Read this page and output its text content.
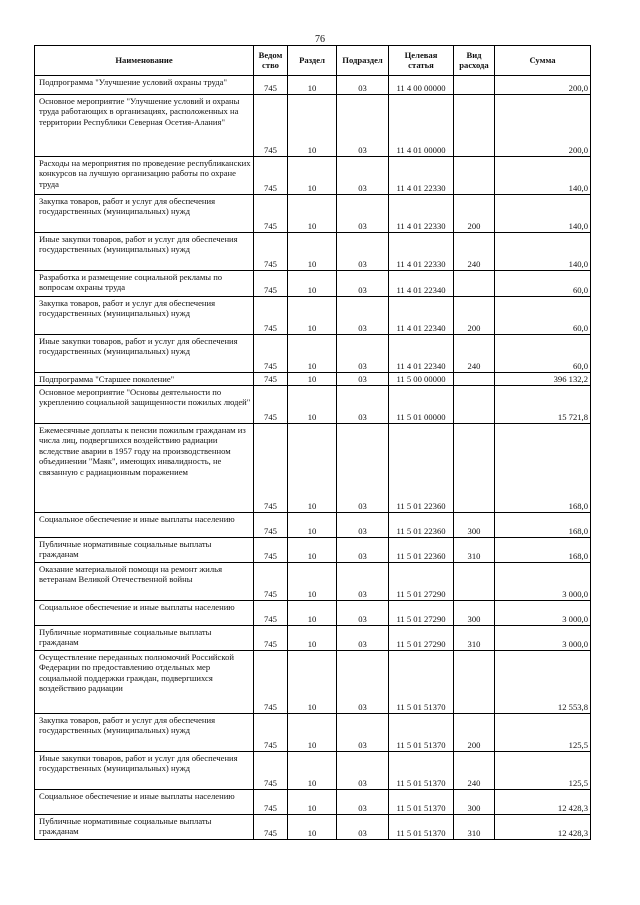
76
Наименование	Ведом ство	Раздел	Подраздел	Целевая статья	Вид расхода	Сумма
Подпрограмма "Улучшение условий охраны труда"	745	10	03	11 4 00 00000		200,0
Основное мероприятие "Улучшение условий и охраны труда работающих в организациях, расположенных на территории Республики Северная Осетия-Алания"	745	10	03	11 4 01 00000		200,0
Расходы на мероприятия по проведение республиканских конкурсов на лучшую организацию работы по охране труда	745	10	03	11 4 01 22330		140,0
Закупка товаров, работ и услуг для обеспечения государственных (муниципальных) нужд	745	10	03	11 4 01 22330	200	140,0
Иные закупки товаров, работ и услуг для обеспечения государственных (муниципальных) нужд	745	10	03	11 4 01 22330	240	140,0
Разработка и размещение социальной рекламы по вопросам охраны труда	745	10	03	11 4 01 22340		60,0
Закупка товаров, работ и услуг для обеспечения государственных (муниципальных) нужд	745	10	03	11 4 01 22340	200	60,0
Иные закупки товаров, работ и услуг для обеспечения государственных (муниципальных) нужд	745	10	03	11 4 01 22340	240	60,0
Подпрограмма "Старшее поколение"	745	10	03	11 5 00 00000		396 132,2
Основное мероприятие "Основы деятельности по укреплению социальной защищенности пожилых людей"	745	10	03	11 5 01 00000		15 721,8
Ежемесячные доплаты к пенсии пожилым гражданам из числа лиц, подвергшихся воздействию радиации вследствие аварии в 1957 году на производственном объединении "Маяк", имеющих инвалидность, не связанную с радиационным поражением	745	10	03	11 5 01 22360		168,0
Социальное обеспечение и иные выплаты населению	745	10	03	11 5 01 22360	300	168,0
Публичные нормативные социальные выплаты гражданам	745	10	03	11 5 01 22360	310	168,0
Оказание материальной помощи на ремонт жилья ветеранам Великой Отечественной войны	745	10	03	11 5 01 27290		3 000,0
Социальное обеспечение и иные выплаты населению	745	10	03	11 5 01 27290	300	3 000,0
Публичные нормативные социальные выплаты гражданам	745	10	03	11 5 01 27290	310	3 000,0
Осуществление переданных полномочий Российской Федерации по предоставлению отдельных мер социальной поддержки граждан, подвергшихся воздействию радиации	745	10	03	11 5 01 51370		12 553,8
Закупка товаров, работ и услуг для обеспечения государственных (муниципальных) нужд	745	10	03	11 5 01 51370	200	125,5
Иные закупки товаров, работ и услуг для обеспечения государственных (муниципальных) нужд	745	10	03	11 5 01 51370	240	125,5
Социальное обеспечение и иные выплаты населению	745	10	03	11 5 01 51370	300	12 428,3
Публичные нормативные социальные выплаты гражданам	745	10	03	11 5 01 51370	310	12 428,3
